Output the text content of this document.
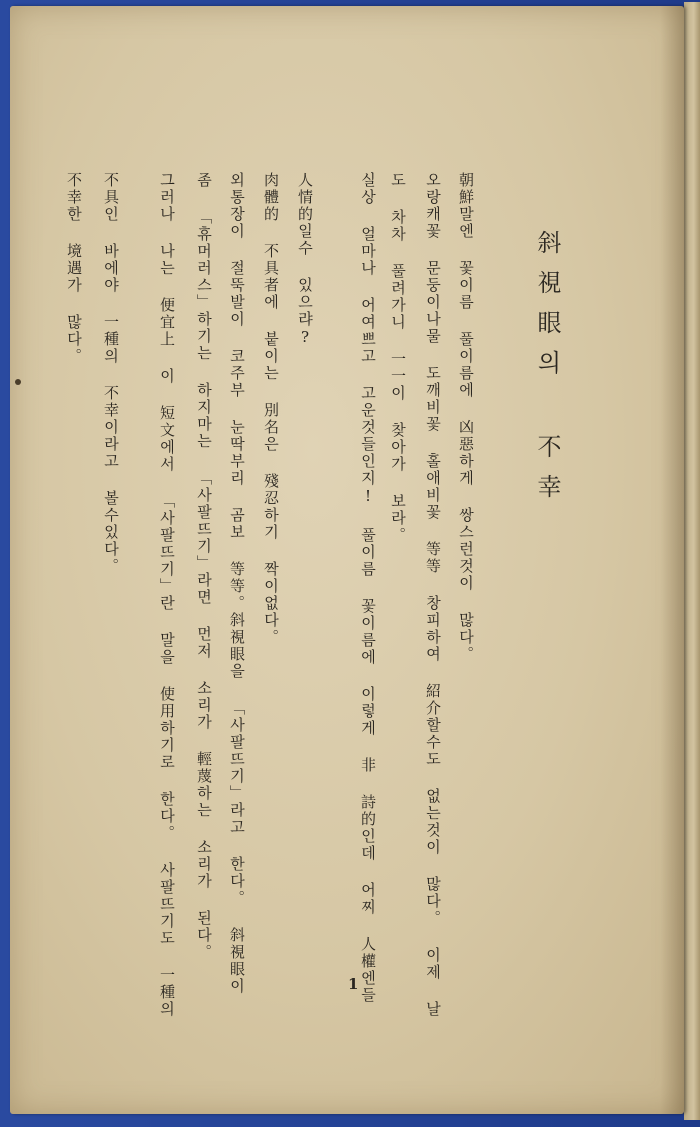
斜視眼의 不幸
朝鮮말엔 꽃이름 풀이름에 凶惡하게 쌍스런것이 많다。
오랑캐꽃 문둥이나물 도깨비꽃 홀애비꽃 等等 창피하여 紹介할수도 없는것이 많다。 이제 날
도 차차 풀려가니 一一이 찾아가 보라。
실상 얼마나 어여쁘고 고운것들인지! 풀이름 꽃이름에 이렇게 非 詩的인데 어찌 人權엔들
人情的일수 있으랴?
肉體的 不具者에 붙이는 別名은 殘忍하기 짝이없다。
외통장이 절뚝발이 코주부 눈딱부리 곰보 等等。斜視眼을 「사팔뜨기」라고 한다。 斜視眼이
좀 「휴머러스」하기는 하지마는 「사팔뜨기」라면 먼저 소리가 輕蔑하는 소리가 된다。
그러나 나는 便宜上 이 短文에서 「사팔뜨기」란 말을 使用하기로 한다。 사팔뜨기도 一種의
不具인 바에야 一種의 不幸이라고 볼수있다。
不幸한 境遇가 많다。
1
